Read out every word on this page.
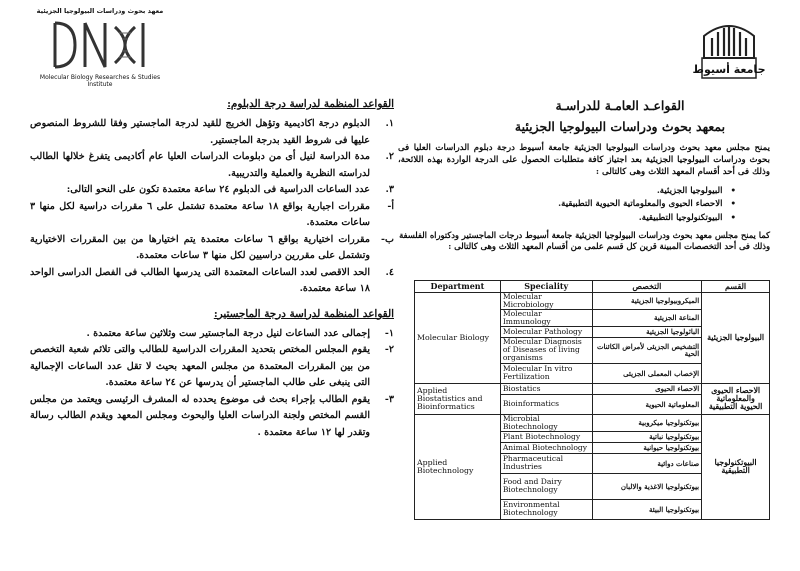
جامعة أسيوط
معهد بحوث ودراسات البيولوجيا الجزيئية
Molecular Biology Researches & Studies Institute
القواعـد العامـة للدراسـة
بمعهد بحوث ودراسات البيولوجيا الجزيئية
يمنح مجلس معهد بحوث ودراسات البيولوجيا الجزيئية جامعة أسيوط درجة دبلوم الدراسات العليا فى بحوث ودراسات البيولوجيا الجزيئية بعد اجتياز كافة متطلبات الحصول على الدرجة الواردة بهذه اللائحة، وذلك فى أحد أقسام المعهد الثلاث وهى كالتالى :
• البيولوجيا الجزيئية.
• الاحصاء الحيوى والمعلوماتية الحيوية التطبيقية.
• البيوتكنولوجيا التطبيقية.
كما يمنح مجلس معهد بحوث ودراسات البيولوجيا الجزيئية جامعة أسيوط درجات الماجستير ودكتوراه الفلسفة وذلك فى أحد التخصصات المبينة قرين كل قسم علمى من أقسام المعهد الثلاث وهى كالتالى :
Department	Speciality	التخصص	القسم
Molecular Biology	Molecular Microbiology	الميكروبيولوجيا الجزيئية	البيولوجيا الجزيئية
	Molecular Immunology	المناعة الجزيئية	
	Molecular Pathology	الباثولوجيا الجزيئية	
	Molecular Diagnosis of Diseases of living organisms	التشخيص الجزيئى لأمراض الكائنات الحية	
	Molecular In vitro Fertilization	الإخصاب المعملى الجزيئى	
Applied Biostatistics and Bioinformatics	Biostatics	الاحصاء الحيوى	الاحصاء الحيوى والمعلوماتية الحيوية التطبيقية
	Bioinformatics	المعلوماتية الحيوية	
Applied Biotechnology	Microbial Biotechnology	بيوتكنولوجيا ميكروبية	البيوتكنولوجيا التطبيقية
	Plant Biotechnology	بيوتكنولوجيا نباتية	
	Animal Biotechnology	بيوتكنولوجيا حيوانية	
	Pharmaceutical Industries	صناعات دوائية	
	Food and Dairy Biotechnology	بيوتكنولوجيا الاغذية والالبان	
	Environmental Biotechnology	بيوتكنولوجيا البيئة	
القواعد المنظمة لدراسة درجة الدبلوم:
١.
الدبلوم درجة اكاديمية وتؤهل الخريج للقيد لدرجة الماجستير وفقا للشروط المنصوص عليها فى شروط القيد بدرجة الماجستير.
٢.
مدة الدراسة لنيل أى من دبلومات الدراسات العليا عام أكاديمى يتفرغ خلالها الطالب لدراسته النظرية والعملية والتدريبية.
٣.
عدد الساعات الدراسية فى الدبلوم ٢٤ ساعة معتمدة تكون على النحو التالى:
أ-
مقررات اجبارية بواقع ١٨ ساعة معتمدة تشتمل على ٦ مقررات دراسية لكل منها ٣ ساعات معتمدة.
ب-
مقررات اختيارية بواقع ٦ ساعات معتمدة يتم اختيارها من بين المقررات الاختيارية وتشتمل على مقررين دراسيين لكل منها ٣ ساعات معتمدة.
٤.
الحد الاقصى لعدد الساعات المعتمدة التى يدرسها الطالب فى الفصل الدراسى الواحد ١٨ ساعة معتمدة.
القواعد المنظمة لدراسة درجة الماجستير:
١-
إجمالى عدد الساعات لنيل درجة الماجستير ست وثلاثين ساعة معتمدة .
٢-
يقوم المجلس المختص بتحديد المقررات الدراسية للطالب والتى تلائم شعبة التخصص من بين المقررات المعتمدة من مجلس المعهد بحيث لا تقل عدد الساعات الإجمالية التى ينبغى على طالب الماجستير أن يدرسها عن ٢٤ ساعة معتمدة.
٣-
يقوم الطالب بإجراء بحث فى موضوع يحدده له المشرف الرئيسى ويعتمد من مجلس القسم المختص ولجنة الدراسات العليا والبحوث ومجلس المعهد ويقدم الطالب رسالة وتقدر لها ١٢ ساعة معتمدة .
